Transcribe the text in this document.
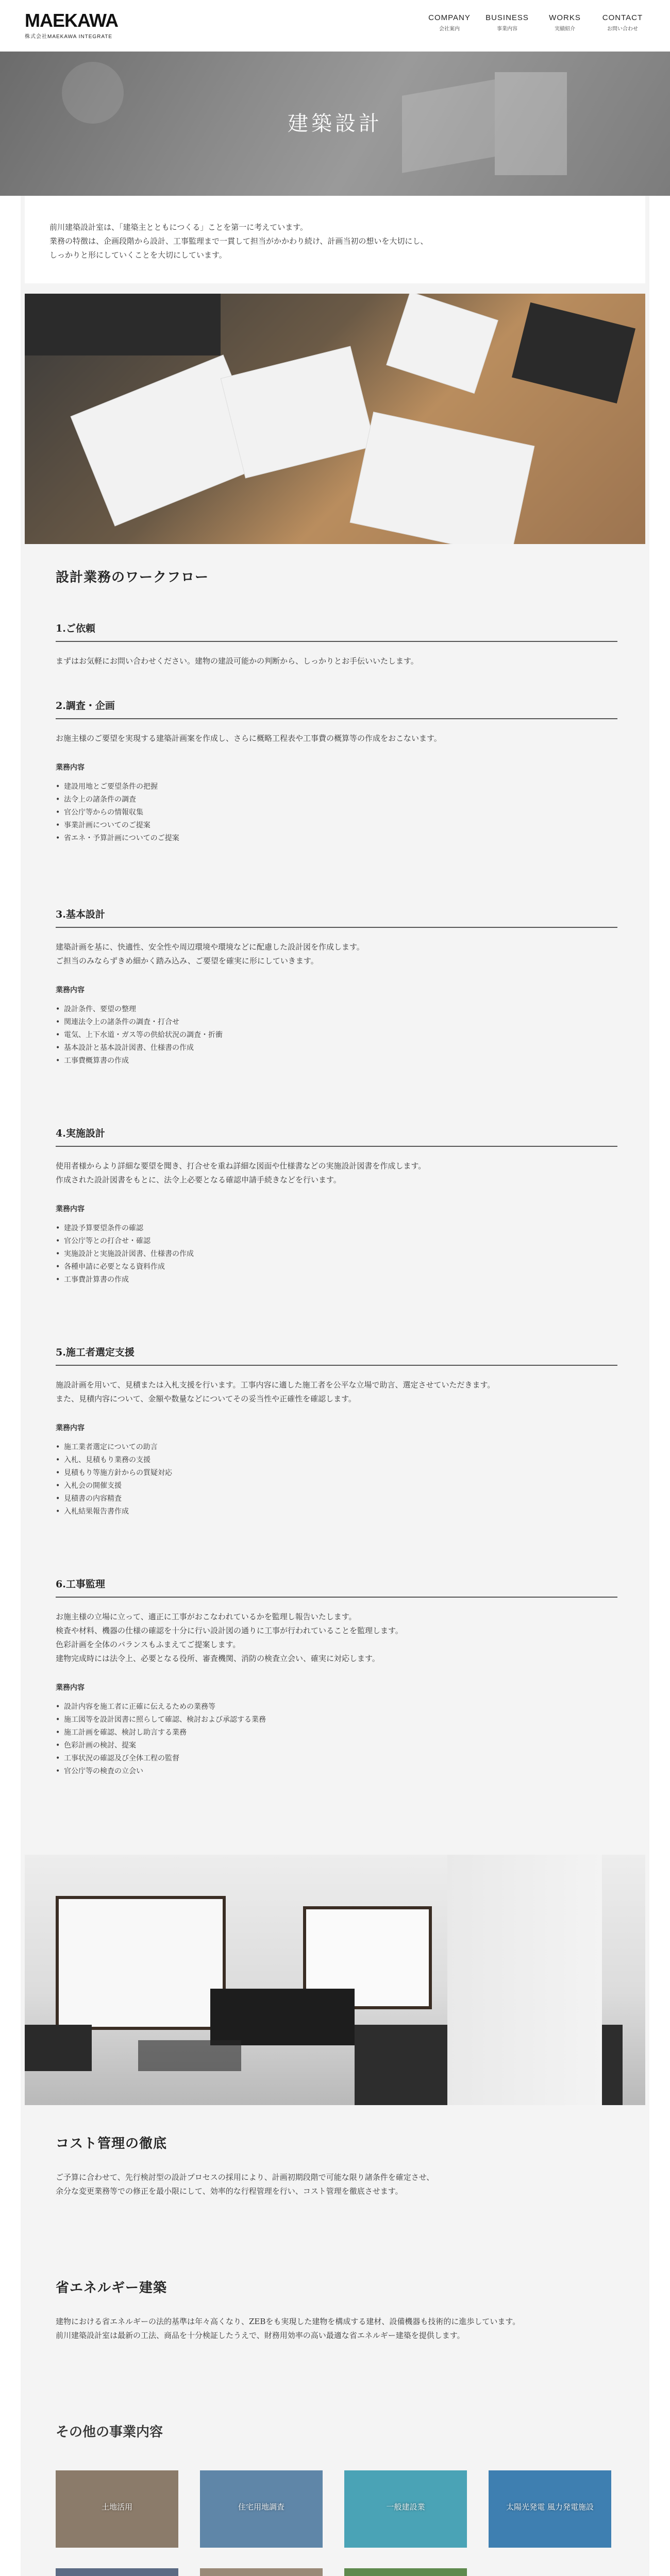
MAEKAWA
株式会社MAEKAWA INTEGRATE
COMPANY
会社案内
BUSINESS
事業内容
WORKS
実績紹介
CONTACT
お問い合わせ
建築設計
前川建築設計室は、「建築主とともにつくる」ことを第一に考えています。
業務の特徴は、企画段階から設計、工事監理まで一貫して担当がかかわり続け、計画当初の想いを大切にし、
しっかりと形にしていくことを大切にしています。
設計業務のワークフロー
1.ご依頼
まずはお気軽にお問い合わせください。建物の建設可能かの判断から、しっかりとお手伝いいたします。
2.調査・企画
お施主様のご要望を実現する建築計画案を作成し、さらに概略工程表や工事費の概算等の作成をおこないます。
業務内容
• 建設用地とご要望条件の把握
• 法令上の諸条件の調査
• 官公庁等からの情報収集
• 事業計画についてのご提案
• 省エネ・予算計画についてのご提案
3.基本設計
建築計画を基に、快適性、安全性や周辺環境や環境などに配慮した設計図を作成します。
ご担当のみならずきめ細かく踏み込み、ご要望を確実に形にしていきます。
業務内容
• 設計条件、要望の整理
• 関連法令上の諸条件の調査・打合せ
• 電気、上下水道・ガス等の供給状況の調査・折衝
• 基本設計と基本設計図書、仕様書の作成
• 工事費概算書の作成
4.実施設計
使用者様からより詳細な要望を聞き、打合せを重ね詳細な図面や仕様書などの実施設計図書を作成します。
作成された設計図書をもとに、法令上必要となる確認申請手続きなどを行います。
業務内容
• 建設予算要望条件の確認
• 官公庁等との打合せ・確認
• 実施設計と実施設計図書、仕様書の作成
• 各種申請に必要となる資料作成
• 工事費計算書の作成
5.施工者選定支援
施設計画を用いて、見積または入札支援を行います。工事内容に適した施工者を公平な立場で助言、選定させていただきます。
また、見積内容について、金額や数量などについてその妥当性や正確性を確認します。
業務内容
• 施工業者選定についての助言
• 入札、見積もり業務の支援
• 見積もり等施方針からの質疑対応
• 入札会の開催支援
• 見積書の内容精査
• 入札結果報告書作成
6.工事監理
お施主様の立場に立って、適正に工事がおこなわれているかを監理し報告いたします。
検査や材料、機器の仕様の確認を十分に行い設計図の通りに工事が行われていることを監理します。
色彩計画を全体のバランスもふまえてご提案します。
建物完成時には法令上、必要となる役所、審査機関、消防の検査立会い、確実に対応します。
業務内容
• 設計内容を施工者に正確に伝えるための業務等
• 施工図等を設計図書に照らして確認、検討および承認する業務
• 施工計画を確認、検討し助言する業務
• 色彩計画の検討、提案
• 工事状況の確認及び全体工程の監督
• 官公庁等の検査の立会い
コスト管理の徹底
ご予算に合わせて、先行検討型の設計プロセスの採用により、計画初期段階で可能な限り諸条件を確定させ、
余分な変更業務等での修正を最小限にして、効率的な行程管理を行い、コスト管理を徹底させます。
省エネルギー建築
建物における省エネルギーの法的基準は年々高くなり、ZEBをも実現した建物を構成する建材、設備機器も技術的に進歩しています。
前川建築設計室は最新の工法、商品を十分検証したうえで、財務用効率の高い最適な省エネルギー建築を提供します。
その他の事業内容
土地活用	住宅用地調査	一般建設業	太陽光発電 風力発電施設
